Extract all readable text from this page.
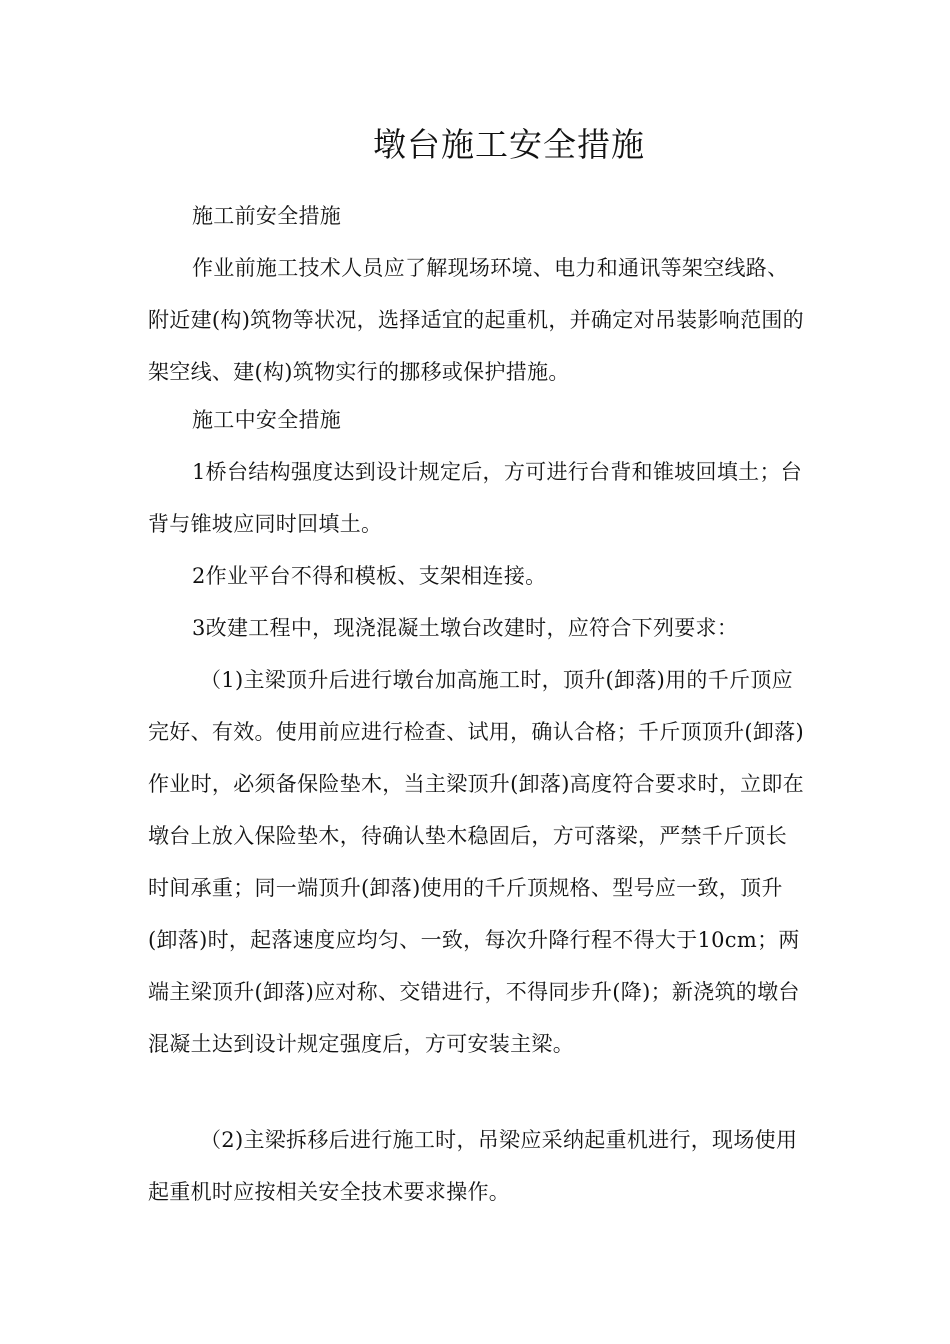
墩台施工安全措施

施工前安全措施

作业前施工技术人员应了解现场环境、电力和通讯等架空线路、附近建(构)筑物等状况，选择适宜的起重机，并确定对吊装影响范围的架空线、建(构)筑物实行的挪移或保护措施。

施工中安全措施

1桥台结构强度达到设计规定后，方可进行台背和锥坡回填土；台背与锥坡应同时回填土。

2作业平台不得和模板、支架相连接。

3改建工程中，现浇混凝土墩台改建时，应符合下列要求：

（1)主梁顶升后进行墩台加高施工时，顶升(卸落)用的千斤顶应完好、有效。使用前应进行检查、试用，确认合格；千斤顶顶升(卸落)作业时，必须备保险垫木，当主梁顶升(卸落)高度符合要求时，立即在墩台上放入保险垫木，待确认垫木稳固后，方可落梁，严禁千斤顶长时间承重；同一端顶升(卸落)使用的千斤顶规格、型号应一致，顶升(卸落)时，起落速度应均匀、一致，每次升降行程不得大于10cm；两端主梁顶升(卸落)应对称、交错进行，不得同步升(降)；新浇筑的墩台混凝土达到设计规定强度后，方可安装主梁。

（2)主梁拆移后进行施工时，吊梁应采纳起重机进行，现场使用起重机时应按相关安全技术要求操作。
